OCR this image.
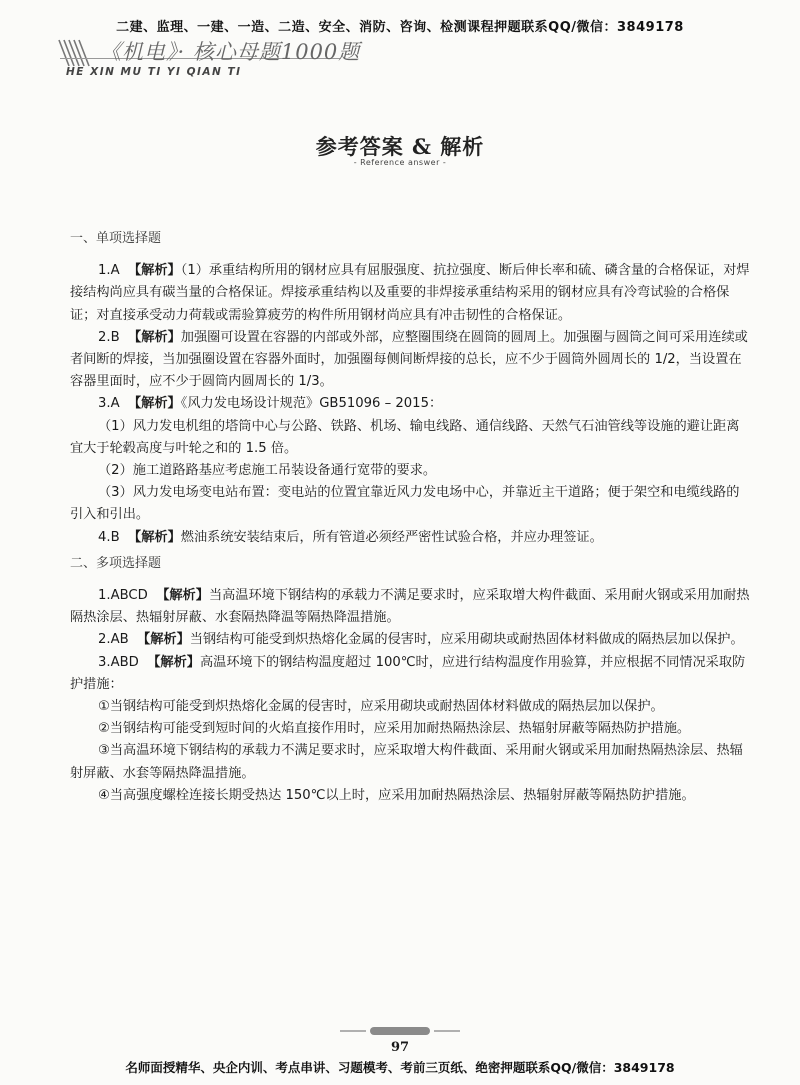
二建、监理、一建、一造、二造、安全、消防、咨询、检测课程押题联系QQ/微信：3849178
《机电》· 核心母题1000题
HE XIN MU TI YI QIAN TI
参考答案 & 解析
- Reference answer -

一、单项选择题

1.A 【解析】（1）承重结构所用的钢材应具有屈服强度、抗拉强度、断后伸长率和硫、磷含量的合格保证，对焊接结构尚应具有碳当量的合格保证。焊接承重结构以及重要的非焊接承重结构采用的钢材应具有冷弯试验的合格保证；对直接承受动力荷载或需验算疲劳的构件所用钢材尚应具有冲击韧性的合格保证。

2.B 【解析】加强圈可设置在容器的内部或外部，应整圈围绕在圆筒的圆周上。加强圈与圆筒之间可采用连续或者间断的焊接，当加强圈设置在容器外面时，加强圈每侧间断焊接的总长，应不少于圆筒外圆周长的 1/2，当设置在容器里面时，应不少于圆筒内圆周长的 1/3。

3.A 【解析】《风力发电场设计规范》GB51096 – 2015：

（1）风力发电机组的塔筒中心与公路、铁路、机场、输电线路、通信线路、天然气石油管线等设施的避让距离宜大于轮毂高度与叶轮之和的 1.5 倍。

（2）施工道路路基应考虑施工吊装设备通行宽带的要求。

（3）风力发电场变电站布置：变电站的位置宜靠近风力发电场中心，并靠近主干道路；便于架空和电缆线路的引入和引出。

4.B 【解析】燃油系统安装结束后，所有管道必须经严密性试验合格，并应办理签证。

二、多项选择题

1.ABCD 【解析】当高温环境下钢结构的承载力不满足要求时，应采取增大构件截面、采用耐火钢或采用加耐热隔热涂层、热辐射屏蔽、水套隔热降温等隔热降温措施。

2.AB 【解析】当钢结构可能受到炽热熔化金属的侵害时，应采用砌块或耐热固体材料做成的隔热层加以保护。

3.ABD 【解析】高温环境下的钢结构温度超过 100℃时，应进行结构温度作用验算，并应根据不同情况采取防护措施：

①当钢结构可能受到炽热熔化金属的侵害时，应采用砌块或耐热固体材料做成的隔热层加以保护。

②当钢结构可能受到短时间的火焰直接作用时，应采用加耐热隔热涂层、热辐射屏蔽等隔热防护措施。

③当高温环境下钢结构的承载力不满足要求时，应采取增大构件截面、采用耐火钢或采用加耐热隔热涂层、热辐射屏蔽、水套等隔热降温措施。

④当高强度螺栓连接长期受热达 150℃以上时，应采用加耐热隔热涂层、热辐射屏蔽等隔热防护措施。

97
名师面授精华、央企内训、考点串讲、习题模考、考前三页纸、绝密押题联系QQ/微信：3849178
